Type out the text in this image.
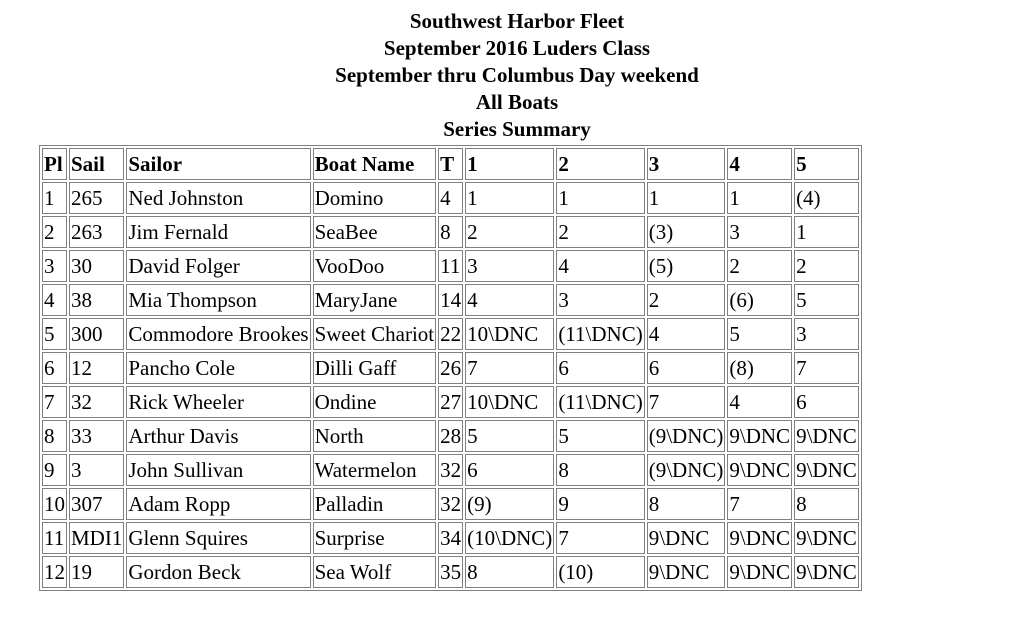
Southwest Harbor Fleet
September 2016 Luders Class
September thru Columbus Day weekend
All Boats
Series Summary
Pl	Sail	Sailor	Boat Name	T	1	2	3	4	5
1	265	Ned Johnston	Domino	4	1	1	1	1	(4)
2	263	Jim Fernald	SeaBee	8	2	2	(3)	3	1
3	30	David Folger	VooDoo	11	3	4	(5)	2	2
4	38	Mia Thompson	MaryJane	14	4	3	2	(6)	5
5	300	Commodore Brookes	Sweet Chariot	22	10\DNC	(11\DNC)	4	5	3
6	12	Pancho Cole	Dilli Gaff	26	7	6	6	(8)	7
7	32	Rick Wheeler	Ondine	27	10\DNC	(11\DNC)	7	4	6
8	33	Arthur Davis	North	28	5	5	(9\DNC)	9\DNC	9\DNC
9	3	John Sullivan	Watermelon	32	6	8	(9\DNC)	9\DNC	9\DNC
10	307	Adam Ropp	Palladin	32	(9)	9	8	7	8
11	MDI1	Glenn Squires	Surprise	34	(10\DNC)	7	9\DNC	9\DNC	9\DNC
12	19	Gordon Beck	Sea Wolf	35	8	(10)	9\DNC	9\DNC	9\DNC
